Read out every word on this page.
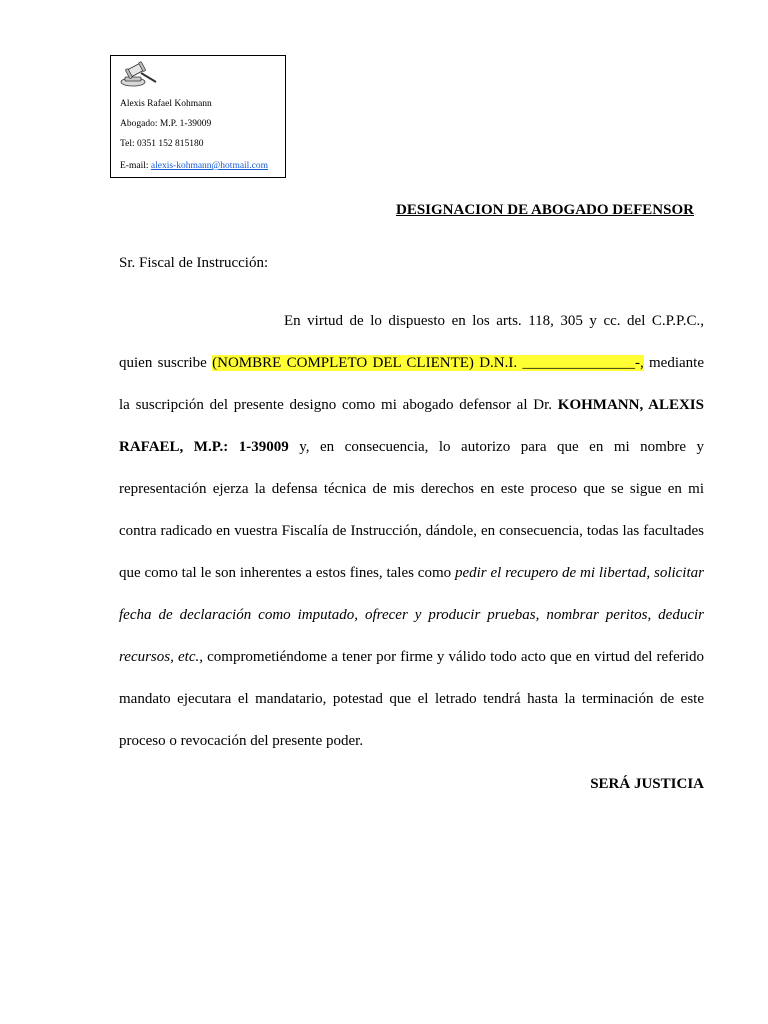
Alexis Rafael Kohmann
Abogado: M.P. 1-39009
Tel: 0351 152 815180
E-mail: alexis-kohmann@hotmail.com
DESIGNACION DE ABOGADO DEFENSOR
Sr. Fiscal de Instrucción:

En virtud de lo dispuesto en los arts. 118, 305 y cc. del C.P.P.C., quien suscribe (NOMBRE COMPLETO DEL CLIENTE) D.N.I. _______________-, mediante la suscripción del presente designo como mi abogado defensor al Dr. KOHMANN, ALEXIS RAFAEL, M.P.: 1-39009 y, en consecuencia, lo autorizo para que en mi nombre y representación ejerza la defensa técnica de mis derechos en este proceso que se sigue en mi contra radicado en vuestra Fiscalía de Instrucción, dándole, en consecuencia, todas las facultades que como tal le son inherentes a estos fines, tales como pedir el recupero de mi libertad, solicitar fecha de declaración como imputado, ofrecer y producir pruebas, nombrar peritos, deducir recursos, etc., comprometiéndome a tener por firme y válido todo acto que en virtud del referido mandato ejecutara el mandatario, potestad que el letrado tendrá hasta la terminación de este proceso o revocación del presente poder.

SERÁ JUSTICIA
